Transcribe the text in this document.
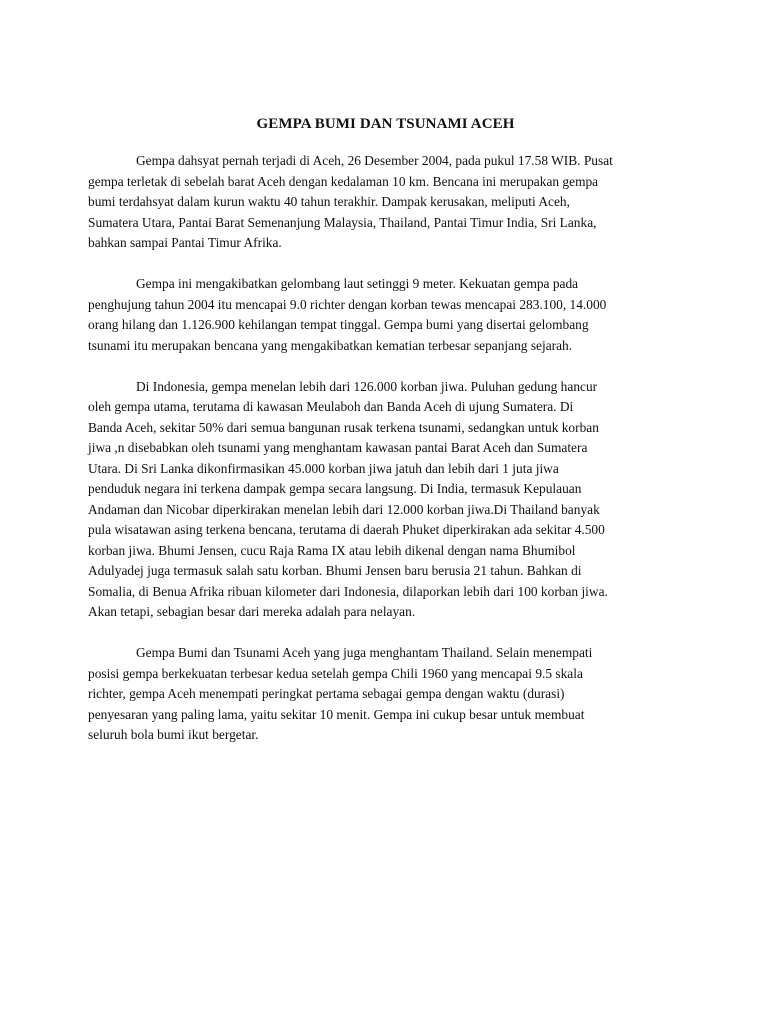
GEMPA BUMI DAN TSUNAMI ACEH

Gempa dahsyat pernah terjadi di Aceh, 26 Desember 2004, pada pukul 17.58 WIB. Pusat
gempa terletak di sebelah barat Aceh dengan kedalaman 10 km. Bencana ini merupakan gempa
bumi terdahsyat dalam kurun waktu 40 tahun terakhir. Dampak kerusakan, meliputi Aceh,
Sumatera Utara, Pantai Barat Semenanjung Malaysia, Thailand, Pantai Timur India, Sri Lanka,
bahkan sampai Pantai Timur Afrika.

Gempa ini mengakibatkan gelombang laut setinggi 9 meter. Kekuatan gempa pada
penghujung tahun 2004 itu mencapai 9.0 richter dengan korban tewas mencapai 283.100, 14.000
orang hilang dan 1.126.900 kehilangan tempat tinggal. Gempa bumi yang disertai gelombang
tsunami itu merupakan bencana yang mengakibatkan kematian terbesar sepanjang sejarah.

Di Indonesia, gempa menelan lebih dari 126.000 korban jiwa. Puluhan gedung hancur
oleh gempa utama, terutama di kawasan Meulaboh dan Banda Aceh di ujung Sumatera. Di
Banda Aceh, sekitar 50% dari semua bangunan rusak terkena tsunami, sedangkan untuk korban
jiwa ,n disebabkan oleh tsunami yang menghantam kawasan pantai Barat Aceh dan Sumatera
Utara. Di Sri Lanka dikonfirmasikan 45.000 korban jiwa jatuh dan lebih dari 1 juta jiwa
penduduk negara ini terkena dampak gempa secara langsung. Di India, termasuk Kepulauan
Andaman dan Nicobar diperkirakan menelan lebih dari 12.000 korban jiwa.Di Thailand banyak
pula wisatawan asing terkena bencana, terutama di daerah Phuket diperkirakan ada sekitar 4.500
korban jiwa. Bhumi Jensen, cucu Raja Rama IX atau lebih dikenal dengan nama Bhumibol
Adulyadej juga termasuk salah satu korban. Bhumi Jensen baru berusia 21 tahun. Bahkan di
Somalia, di Benua Afrika ribuan kilometer dari Indonesia, dilaporkan lebih dari 100 korban jiwa.
Akan tetapi, sebagian besar dari mereka adalah para nelayan.

Gempa Bumi dan Tsunami Aceh yang juga menghantam Thailand. Selain menempati
posisi gempa berkekuatan terbesar kedua setelah gempa Chili 1960 yang mencapai 9.5 skala
richter, gempa Aceh menempati peringkat pertama sebagai gempa dengan waktu (durasi)
penyesaran yang paling lama, yaitu sekitar 10 menit. Gempa ini cukup besar untuk membuat
seluruh bola bumi ikut bergetar.
